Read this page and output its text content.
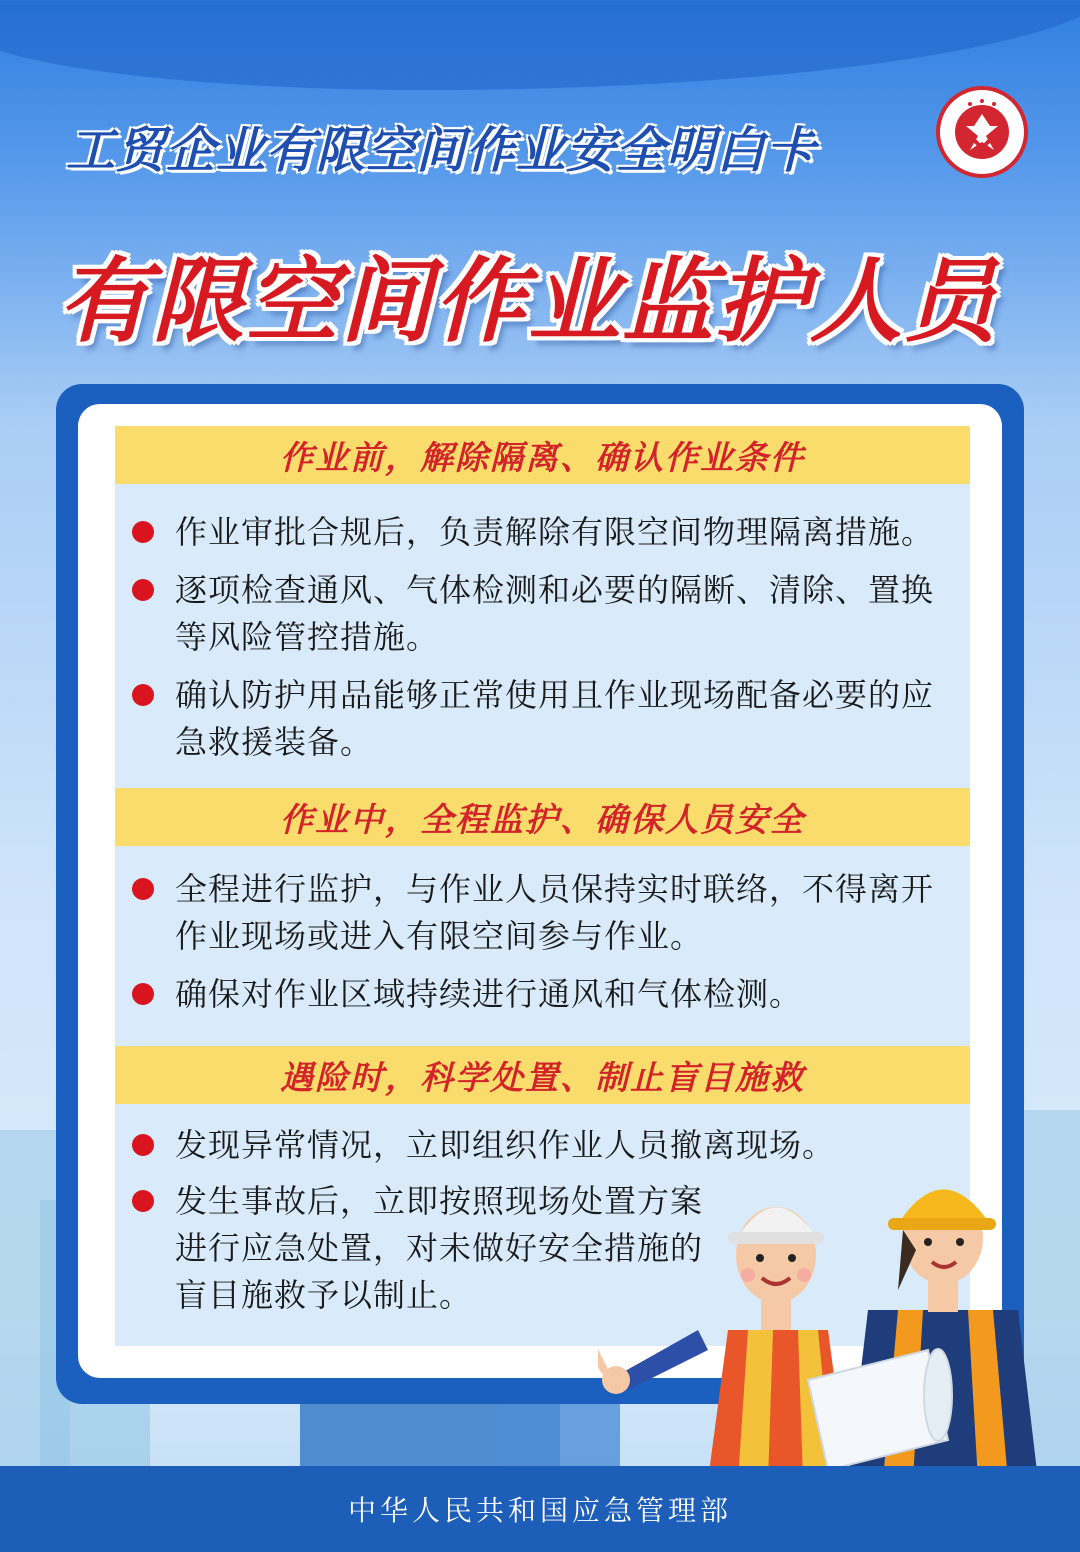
工贸企业有限空间作业安全明白卡
有限空间作业监护人员
作业前，解除隔离、确认作业条件
作业审批合规后，负责解除有限空间物理隔离措施。
逐项检查通风、气体检测和必要的隔断、清除、置换等风险管控措施。
确认防护用品能够正常使用且作业现场配备必要的应急救援装备。
作业中，全程监护、确保人员安全
全程进行监护，与作业人员保持实时联络，不得离开作业现场或进入有限空间参与作业。
确保对作业区域持续进行通风和气体检测。
遇险时，科学处置、制止盲目施救
发现异常情况，立即组织作业人员撤离现场。
发生事故后，立即按照现场处置方案进行应急处置，对未做好安全措施的盲目施救予以制止。
中华人民共和国应急管理部
